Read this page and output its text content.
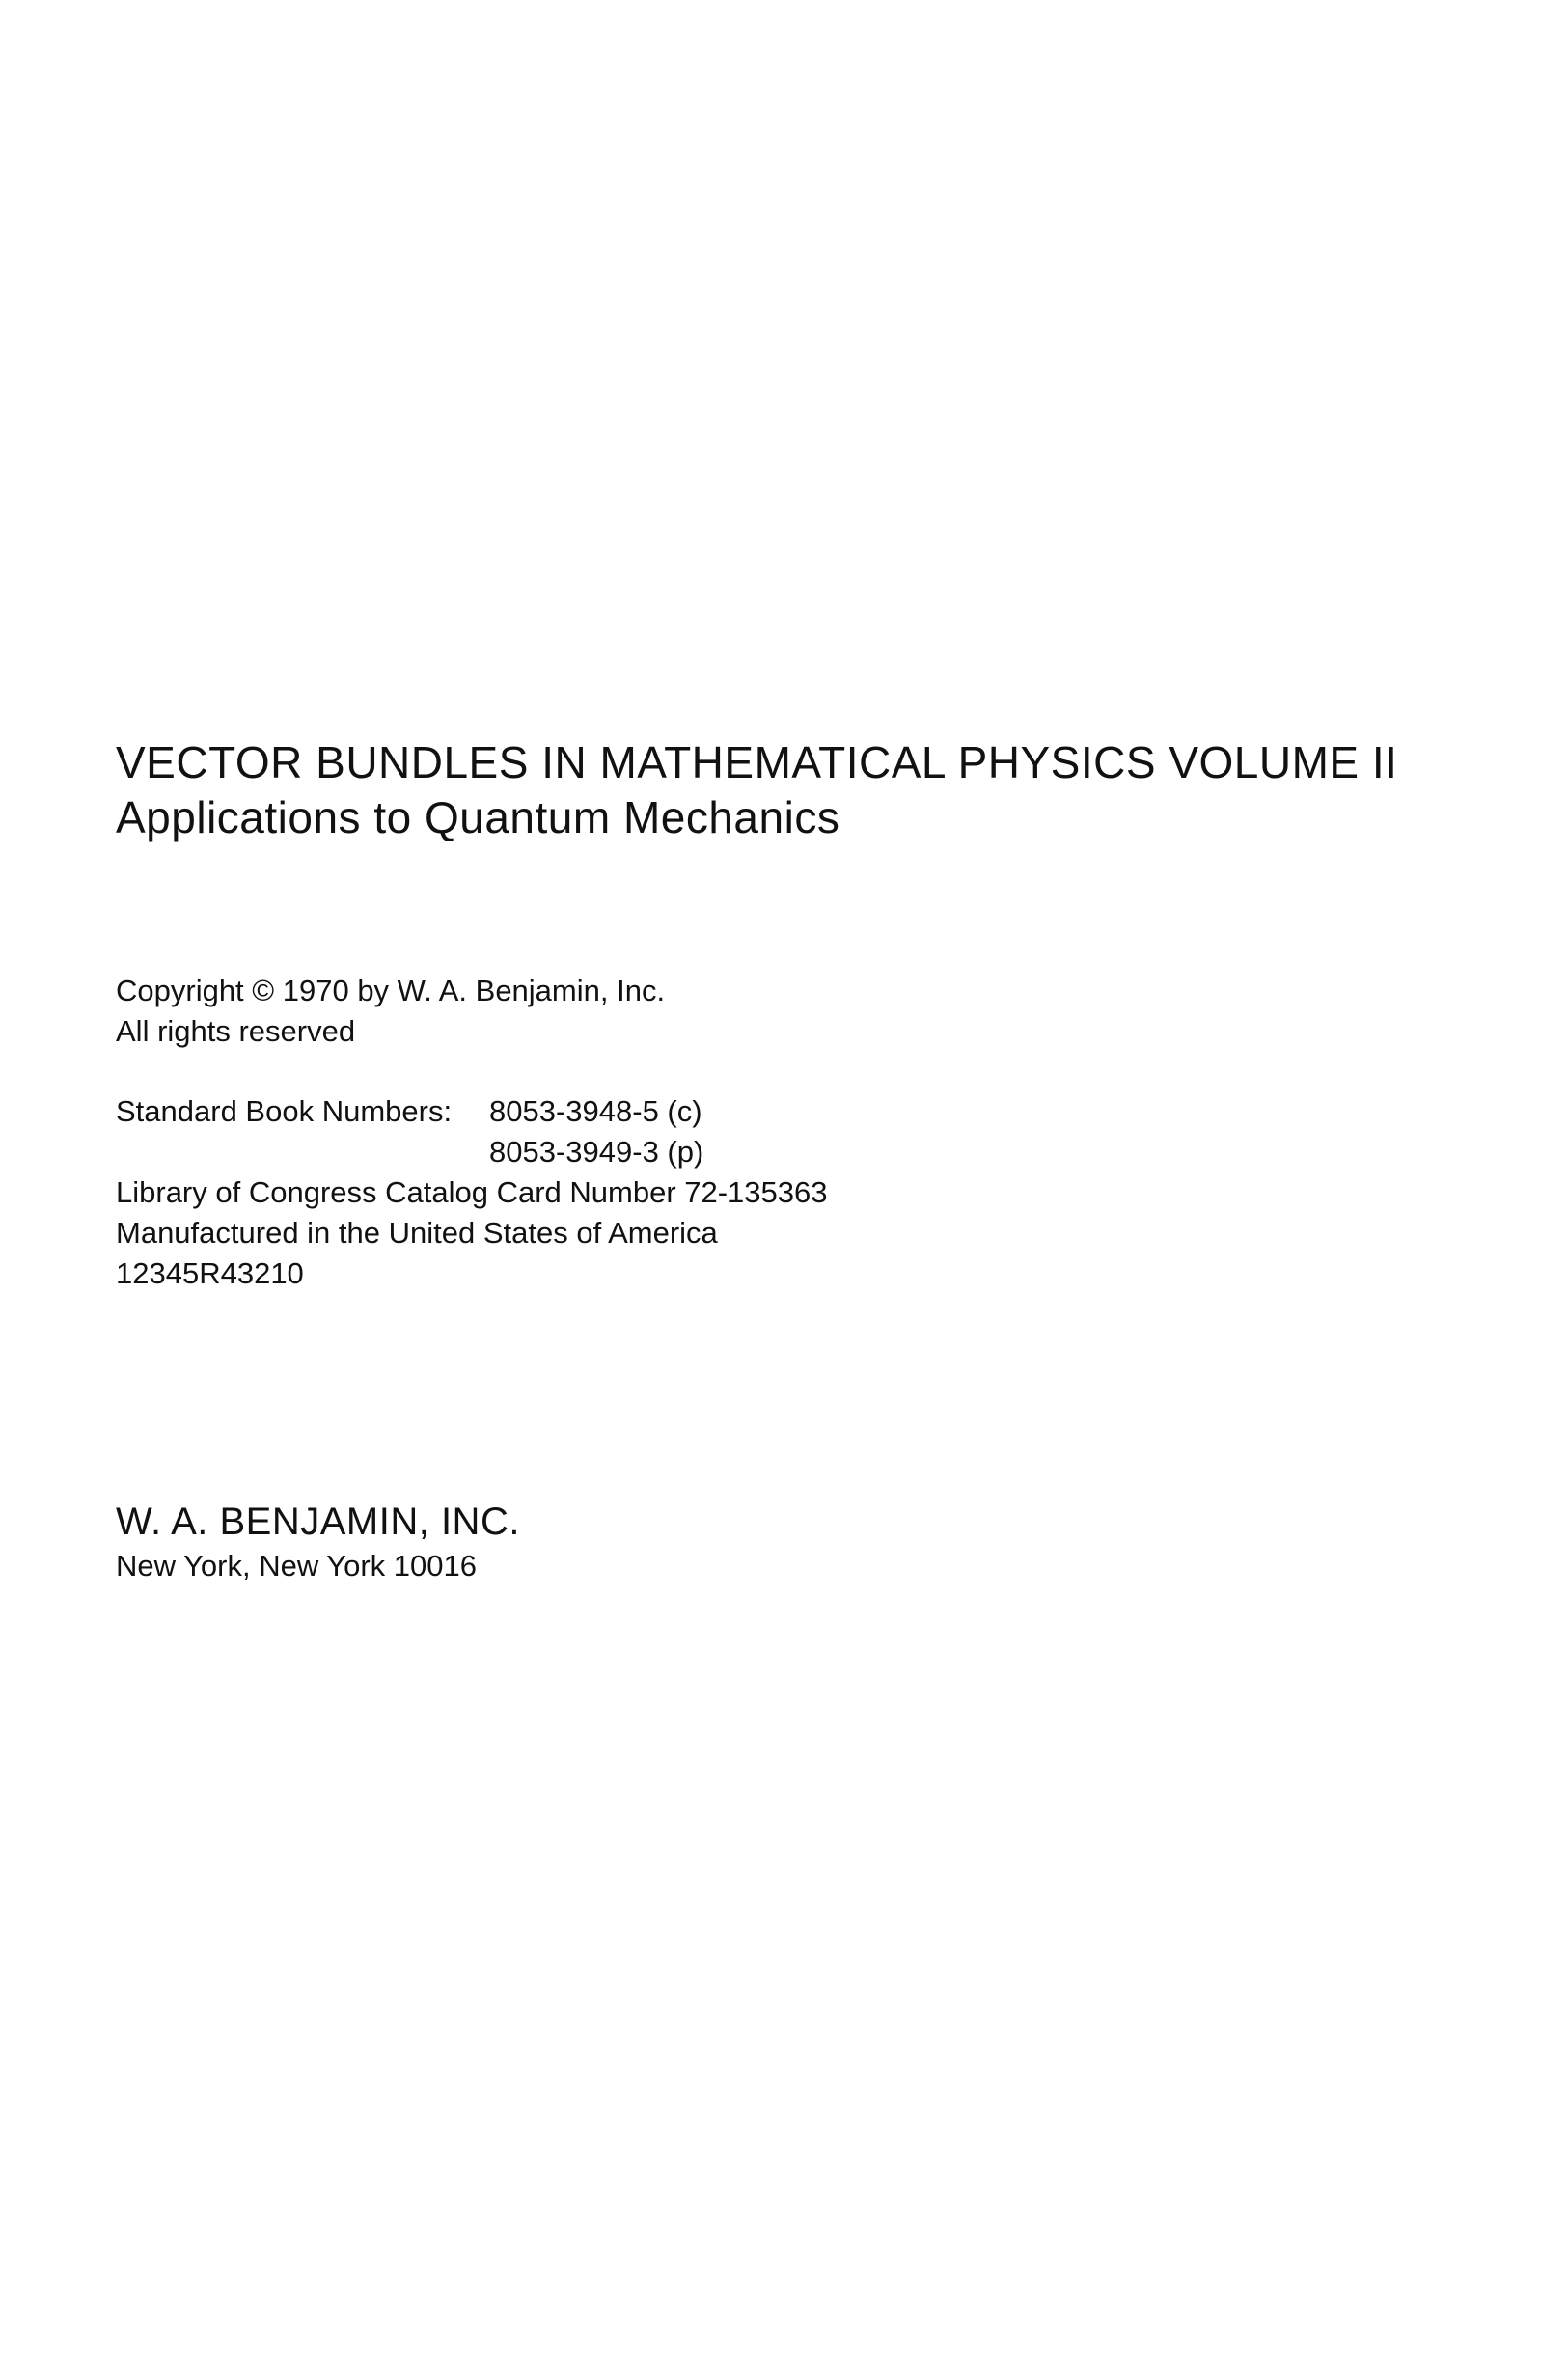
VECTOR BUNDLES IN MATHEMATICAL PHYSICS VOLUME II
Applications to Quantum Mechanics
Copyright © 1970 by W. A. Benjamin, Inc.
All rights reserved
Standard Book Numbers:	8053-3948-5 (c)
8053-3949-3 (p)
Library of Congress Catalog Card Number 72-135363
Manufactured in the United States of America
12345R43210
W. A. BENJAMIN, INC.
New York, New York 10016
